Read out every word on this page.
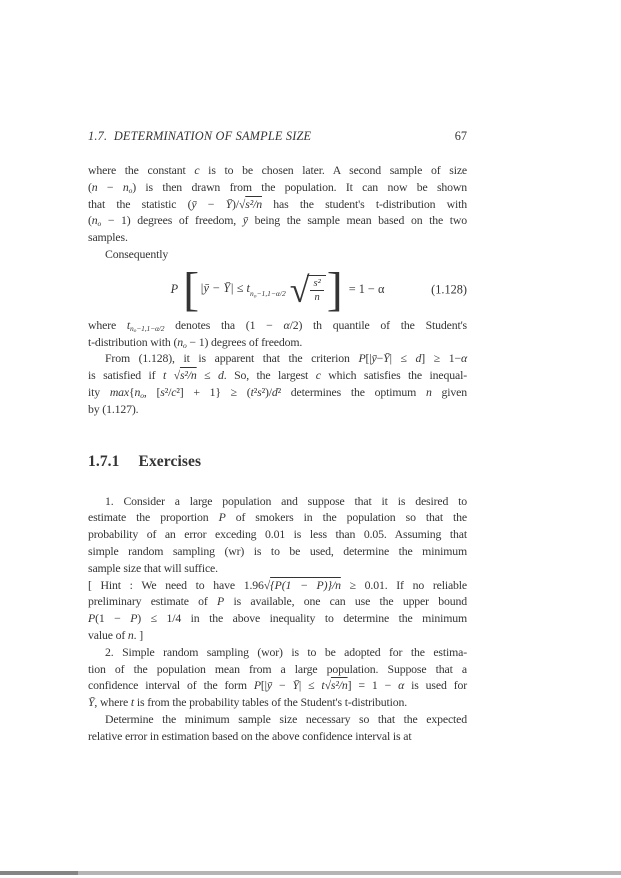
1.7. DETERMINATION OF SAMPLE SIZE	67
where the constant c is to be chosen later. A second sample of size
$(n - n_o)$ is then drawn from the population. It can now be shown
that the statistic (ȳ − Ȳ)/√s²/n has the student's t-distribution with
$(n_o - 1)$ degrees of freedom, ȳ being the sample mean based on the two
samples.
Consequently
P [ |ȳ − Ȳ| ≤ $t_{n_o-1,1-\alpha/2}$ √ $\frac{\text{s²}}{n}$ ] = 1 − α	(1.128)
where $t_{no-1,1-\alpha/2}$ denotes tha (1 − α/2) th quantile of the Student's
t-distribution with $(n_o - 1)$ degrees of freedom.
From (1.128), it is apparent that the criterion P[|ȳ−Ȳ| ≤ d] ≥ 1−α
is satisfied if t √s²/n ≤ d. So, the largest c which satisfies the inequal-
ity $\max\{n_o$, [s²/c²] + 1} ≥ (t²s²)/d² determines the optimum n given
by (1.127).
1.7.1 Exercises
1. Consider a large population and suppose that it is desired to
estimate the proportion P of smokers in the population so that the
probability of an error exceding 0.01 is less than 0.05. Assuming that
simple random sampling (wr) is to be used, determine the minimum
sample size that will suffice.
[ Hint : We need to have 1.96√{P(1 − P)}/n ≥ 0.01. If no reliable
preliminary estimate of P is available, one can use the upper bound
P(1 − P) ≤ 1/4 in the above inequality to determine the minimum
value of n. ]
2. Simple random sampling (wor) is to be adopted for the estima-
tion of the population mean from a large population. Suppose that a
confidence interval of the form P[|ȳ − Ȳ| ≤ t√s²/n] = 1 − α is used for
Ȳ, where t is from the probability tables of the Student's t-distribution.
Determine the minimum sample size necessary so that the expected
relative error in estimation based on the above confidence interval is at
